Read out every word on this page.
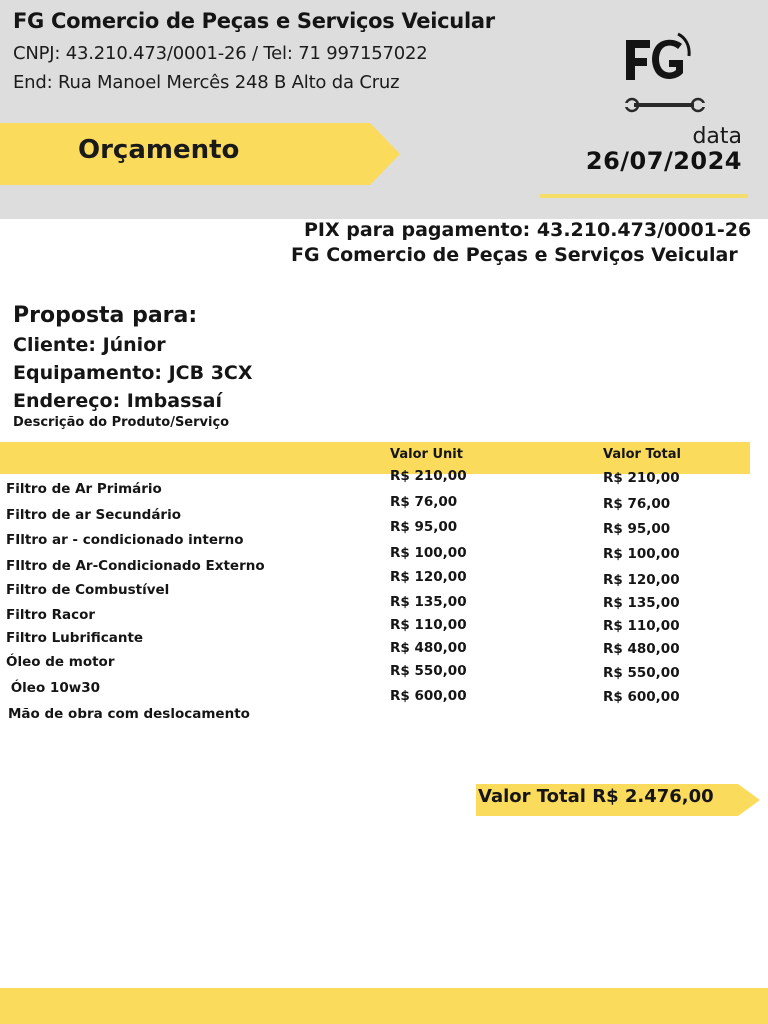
FG Comercio de Peças e Serviços Veicular
CNPJ: 43.210.473/0001-26 / Tel: 71 997157022
End: Rua Manoel Mercês 248 B Alto da Cruz
Orçamento	data
26/07/2024
PIX para pagamento: 43.210.473/0001-26
FG Comercio de Peças e Serviços Veicular
Proposta para:
Cliente: Júnior
Equipamento: JCB 3CX
Endereço: Imbassaí
Descrição do Produto/Serviço
Valor Unit	Valor Total
Filtro de Ar Primário
Filtro de ar Secundário
FIltro ar - condicionado interno
FIltro de Ar-Condicionado Externo
Filtro de Combustível
Filtro Racor
Filtro Lubrificante
Óleo de motor
Óleo 10w30
Mão de obra com deslocamento
R$ 210,00
R$ 76,00
R$ 95,00
R$ 100,00
R$ 120,00
R$ 135,00
R$ 110,00
R$ 480,00
R$ 550,00
R$ 600,00
R$ 210,00
R$ 76,00
R$ 95,00
R$ 100,00
R$ 120,00
R$ 135,00
R$ 110,00
R$ 480,00
R$ 550,00
R$ 600,00
Valor Total R$ 2.476,00
